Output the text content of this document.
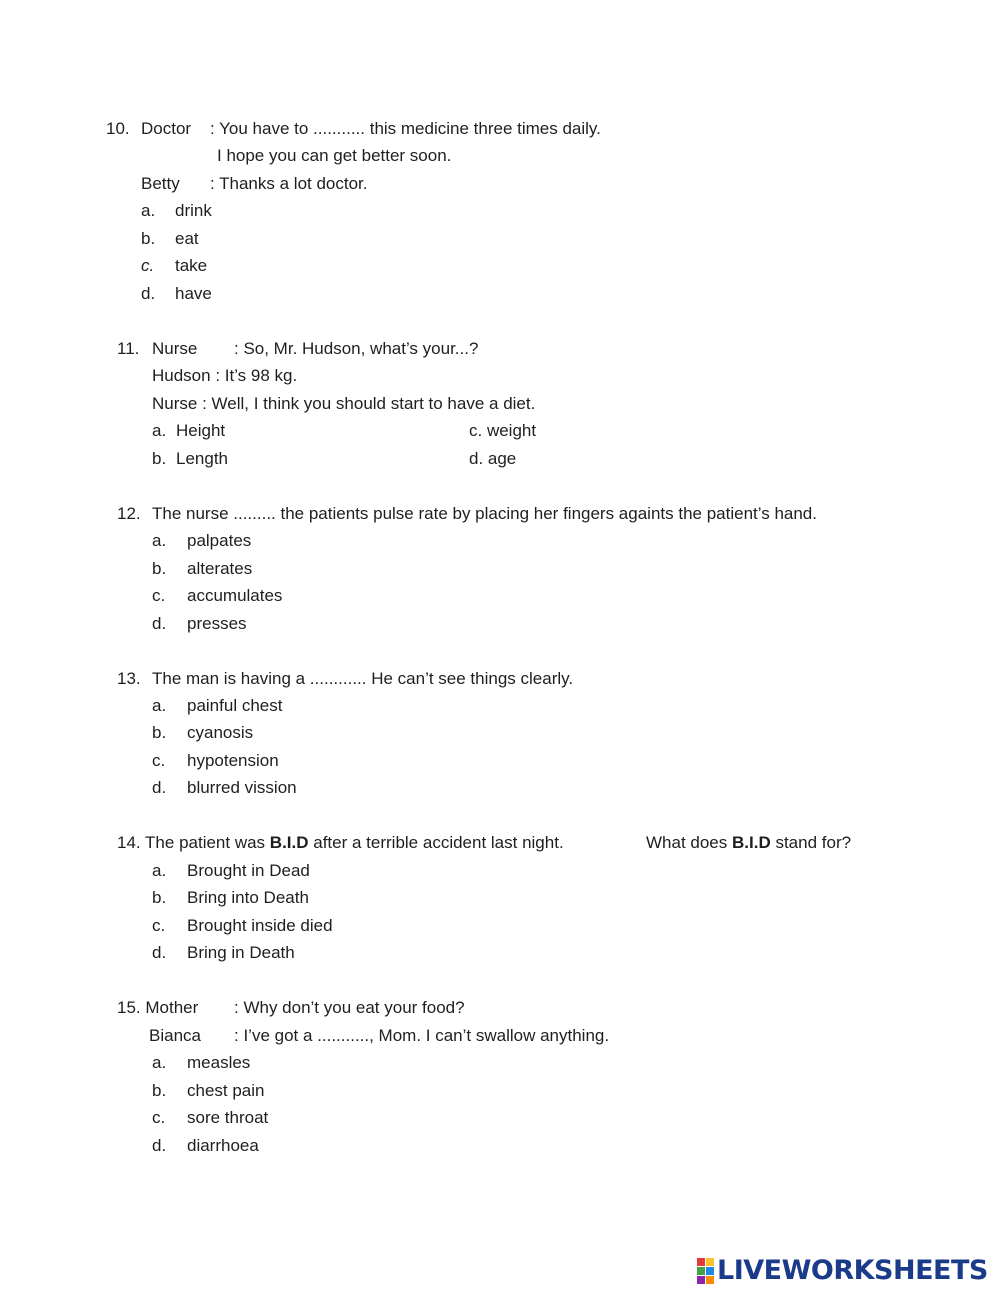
10. Doctor : You have to ........... this medicine three times daily.
I hope you can get better soon.
Betty : Thanks a lot doctor.
a. drink
b. eat
c. take
d. have
11. Nurse : So, Mr. Hudson, what’s your...?
Hudson : It’s 98 kg.
Nurse : Well, I think you should start to have a diet.
a. Height	c. weight
b. Length	d. age
12. The nurse ......... the patients pulse rate by placing her fingers againts the patient’s hand.
a. palpates
b. alterates
c. accumulates
d. presses
13. The man is having a ............ He can’t see things clearly.
a. painful chest
b. cyanosis
c. hypotension
d. blurred vission
14. The patient was B.I.D after a terrible accident last night.	What does B.I.D stand for?
a. Brought in Dead
b. Bring into Death
c. Brought inside died
d. Bring in Death
15. Mother : Why don’t you eat your food?
Bianca : I’ve got a ..........., Mom. I can’t swallow anything.
a. measles
b. chest pain
c. sore throat
d. diarrhoea
LIVEWORKSHEETS
